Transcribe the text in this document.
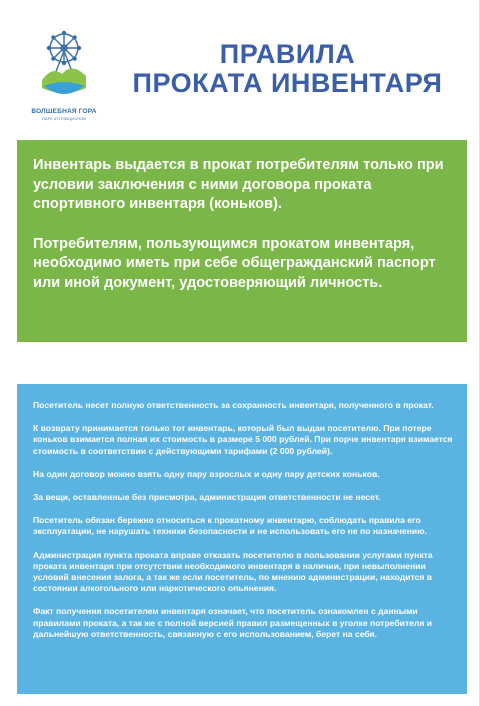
ВОЛШЕБНАЯ ГОРА
ПАРК АТТРАКЦИОНОВ
ПРАВИЛА
ПРОКАТА ИНВЕНТАРЯ

Инвентарь выдается в прокат потребителям только при условии заключения с ними договора проката спортивного инвентаря (коньков).

Потребителям, пользующимся прокатом инвентаря, необходимо иметь при себе общегражданский паспорт или иной документ, удостоверяющий личность.

Посетитель несет полную ответственность за сохранность инвентаря, полученного в прокат.

К возврату принимается только тот инвентарь, который был выдан посетителю. При потере коньков взимается полная их стоимость в размере 5 000 рублей. При порче инвентаря взимается стоимость в соответствии с действующими тарифами (2 000 рублей).

На один договор можно взять одну пару взрослых и одну пару детских коньков.

За вещи, оставленные без присмотра, администрация ответственности не несет.

Посетитель обязан бережно относиться к прокатному инвентарю, соблюдать правила его эксплуатации, не нарушать техники безопасности и не использовать его не по назначению.

Администрация пункта проката вправе отказать посетителю в пользовании услугами пункта проката инвентаря при отсутствии необходимого инвентаря в наличии, при невыполнении условий внесения залога, а так же если посетитель, по мнению администрации, находится в состоянии алкогольного или наркотического опьянения.

Факт получения посетителем инвентаря означает, что посетитель ознакомлен с данными правилами проката, а так же с полной версией правил размещенных в уголке потребителя и дальнейшую ответственность, связанную с его использованием, берет на себя.
